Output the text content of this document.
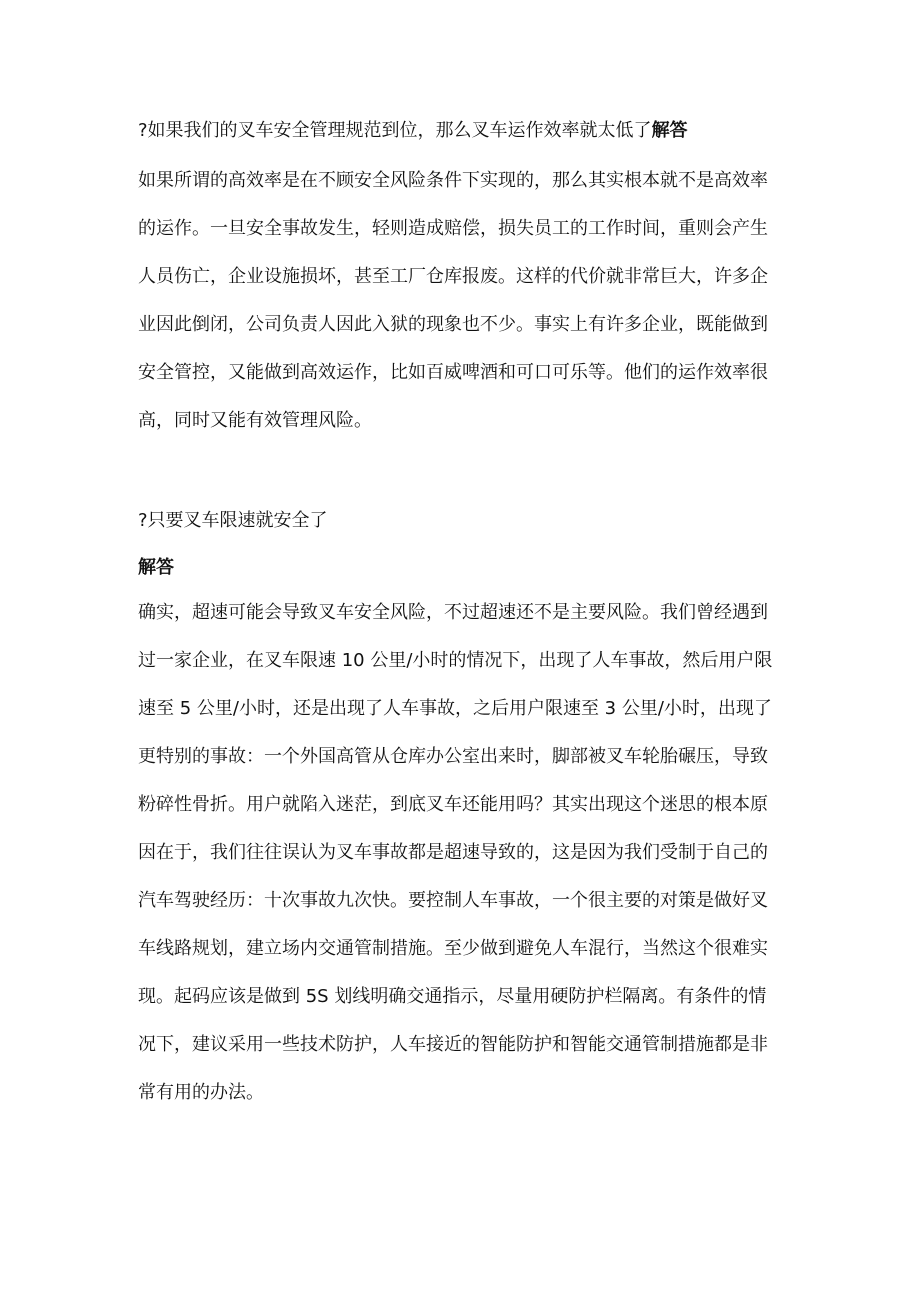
?如果我们的叉车安全管理规范到位，那么叉车运作效率就太低了解答
如果所谓的高效率是在不顾安全风险条件下实现的，那么其实根本就不是高效率
的运作。一旦安全事故发生，轻则造成赔偿，损失员工的工作时间，重则会产生
人员伤亡，企业设施损坏，甚至工厂仓库报废。这样的代价就非常巨大，许多企
业因此倒闭，公司负责人因此入狱的现象也不少。事实上有许多企业，既能做到
安全管控，又能做到高效运作，比如百威啤酒和可口可乐等。他们的运作效率很
高，同时又能有效管理风险。
?只要叉车限速就安全了
解答
确实，超速可能会导致叉车安全风险，不过超速还不是主要风险。我们曾经遇到
过一家企业，在叉车限速 10 公里/小时的情况下，出现了人车事故，然后用户限
速至 5 公里/小时，还是出现了人车事故，之后用户限速至 3 公里/小时，出现了
更特别的事故：一个外国高管从仓库办公室出来时，脚部被叉车轮胎碾压，导致
粉碎性骨折。用户就陷入迷茫，到底叉车还能用吗？其实出现这个迷思的根本原
因在于，我们往往误认为叉车事故都是超速导致的，这是因为我们受制于自己的
汽车驾驶经历：十次事故九次快。要控制人车事故，一个很主要的对策是做好叉
车线路规划，建立场内交通管制措施。至少做到避免人车混行，当然这个很难实
现。起码应该是做到 5S 划线明确交通指示，尽量用硬防护栏隔离。有条件的情
况下，建议采用一些技术防护，人车接近的智能防护和智能交通管制措施都是非
常有用的办法。
